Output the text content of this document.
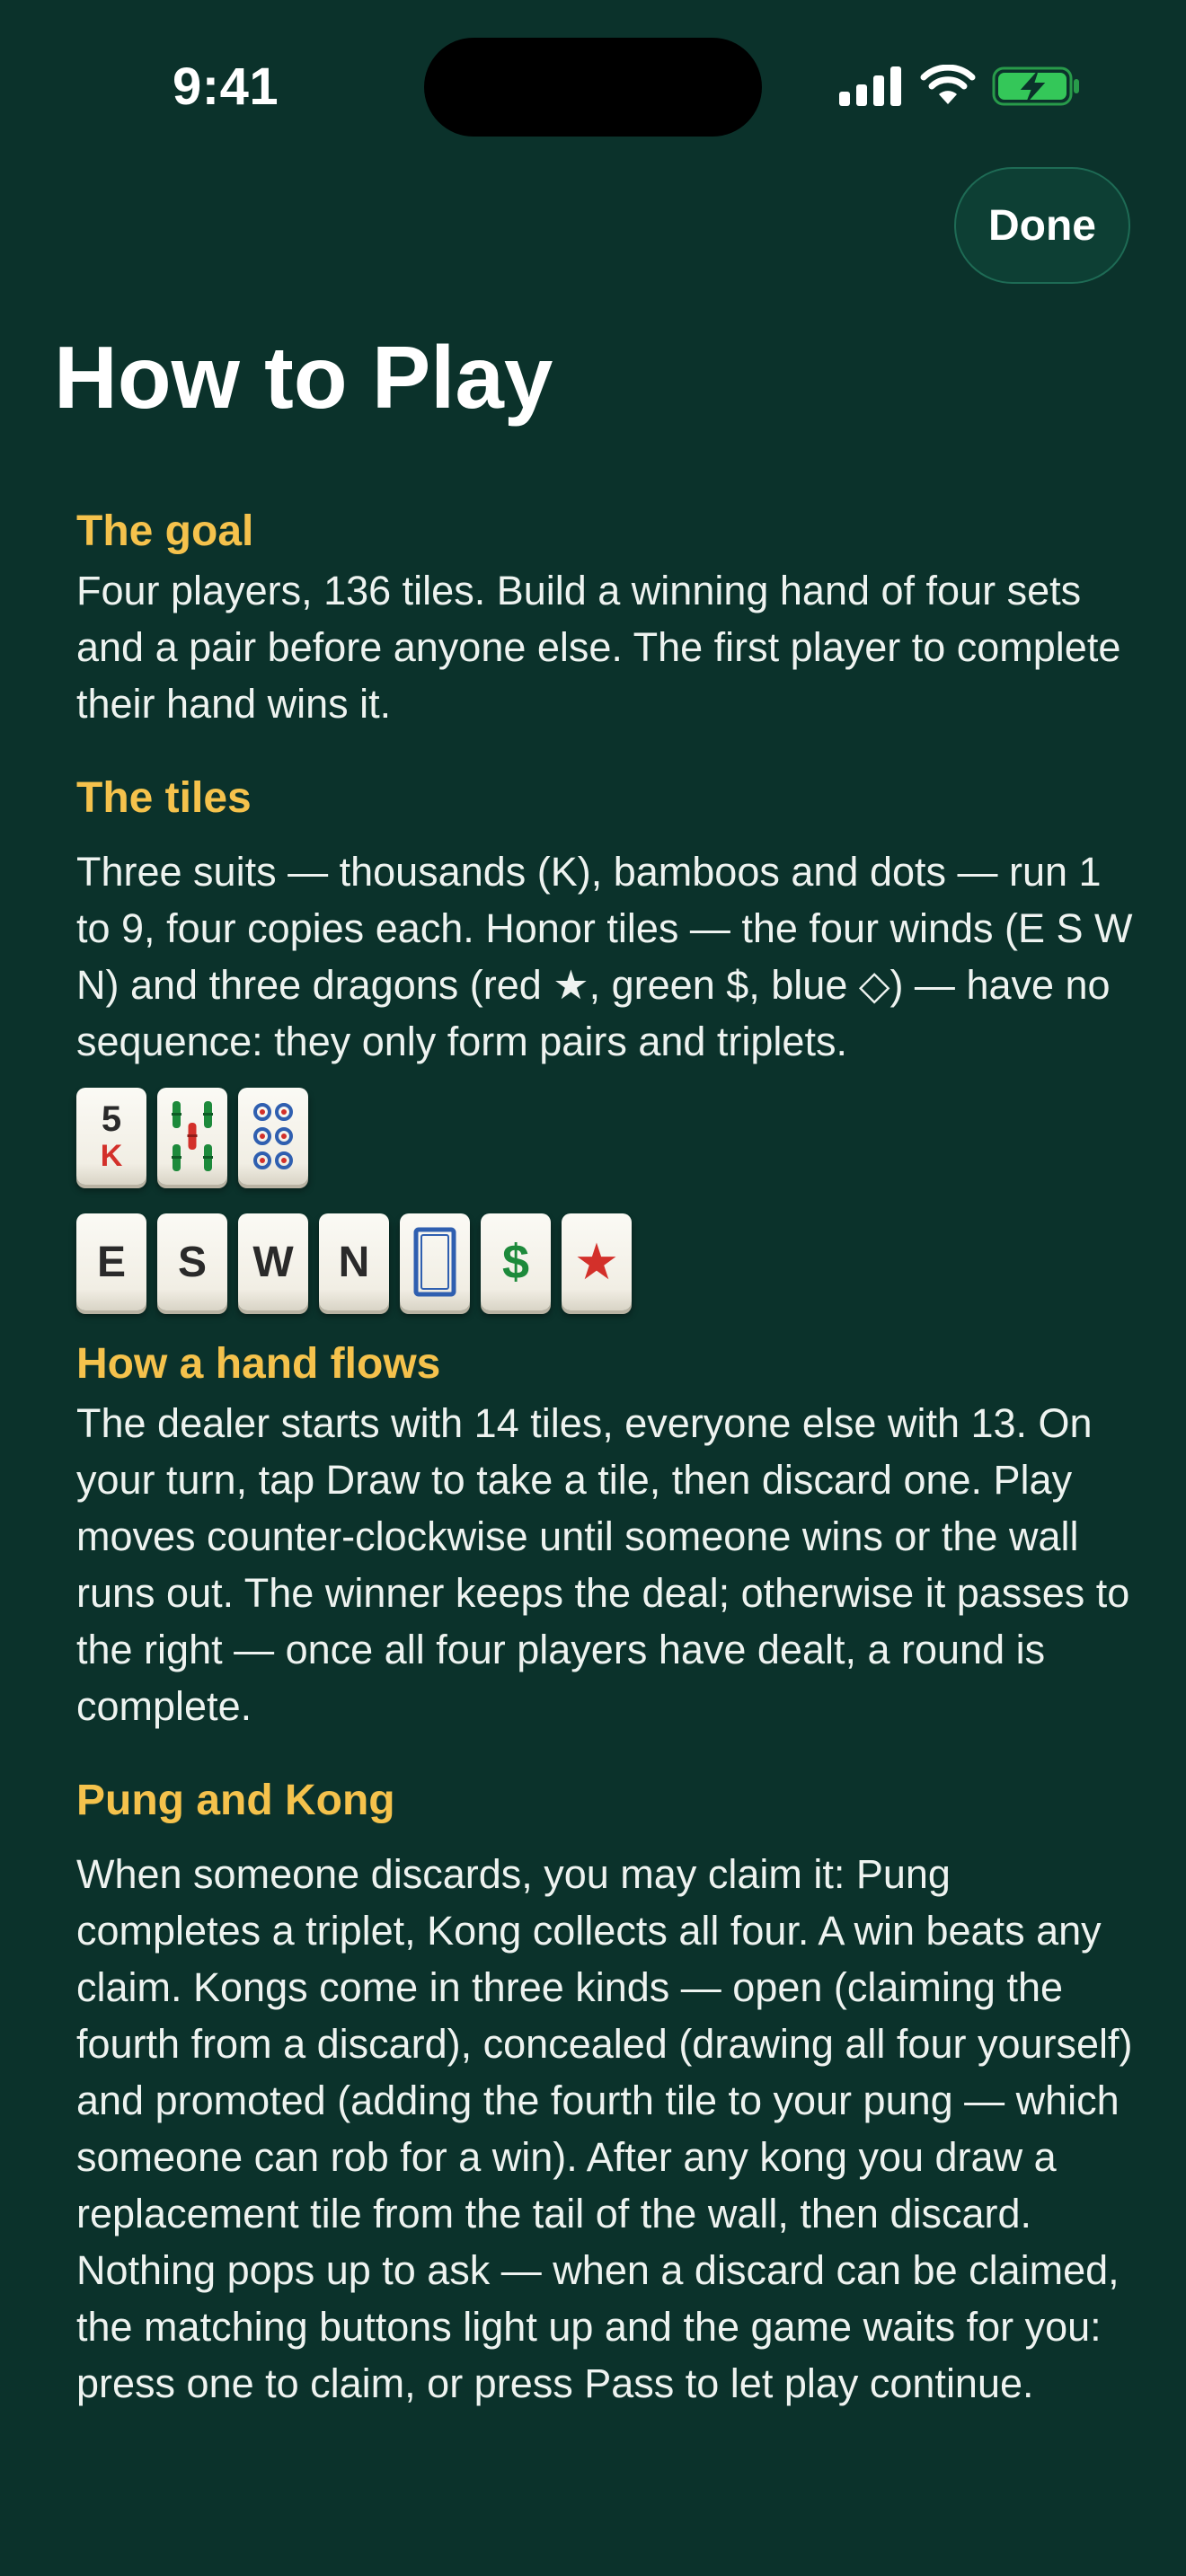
9:41
Done
How to Play
The goal

Four players, 136 tiles. Build a winning hand of four sets and a pair before anyone else. The first player to complete their hand wins it.

The tiles

Three suits — thousands (K), bamboos and dots — run 1 to 9, four copies each. Honor tiles — the four winds (E S W N) and three dragons (red ★, green $, blue ◇) — have no sequence: they only form pairs and triplets.

5
K
E S W N	$ ★
How a hand flows

The dealer starts with 14 tiles, everyone else with 13. On your turn, tap Draw to take a tile, then discard one. Play moves counter-clockwise until someone wins or the wall runs out. The winner keeps the deal; otherwise it passes to the right — once all four players have dealt, a round is complete.

Pung and Kong

When someone discards, you may claim it: Pung completes a triplet, Kong collects all four. A win beats any claim. Kongs come in three kinds — open (claiming the fourth from a discard), concealed (drawing all four yourself) and promoted (adding the fourth tile to your pung — which someone can rob for a win). After any kong you draw a replacement tile from the tail of the wall, then discard. Nothing pops up to ask — when a discard can be claimed, the matching buttons light up and the game waits for you: press one to claim, or press Pass to let play continue.
